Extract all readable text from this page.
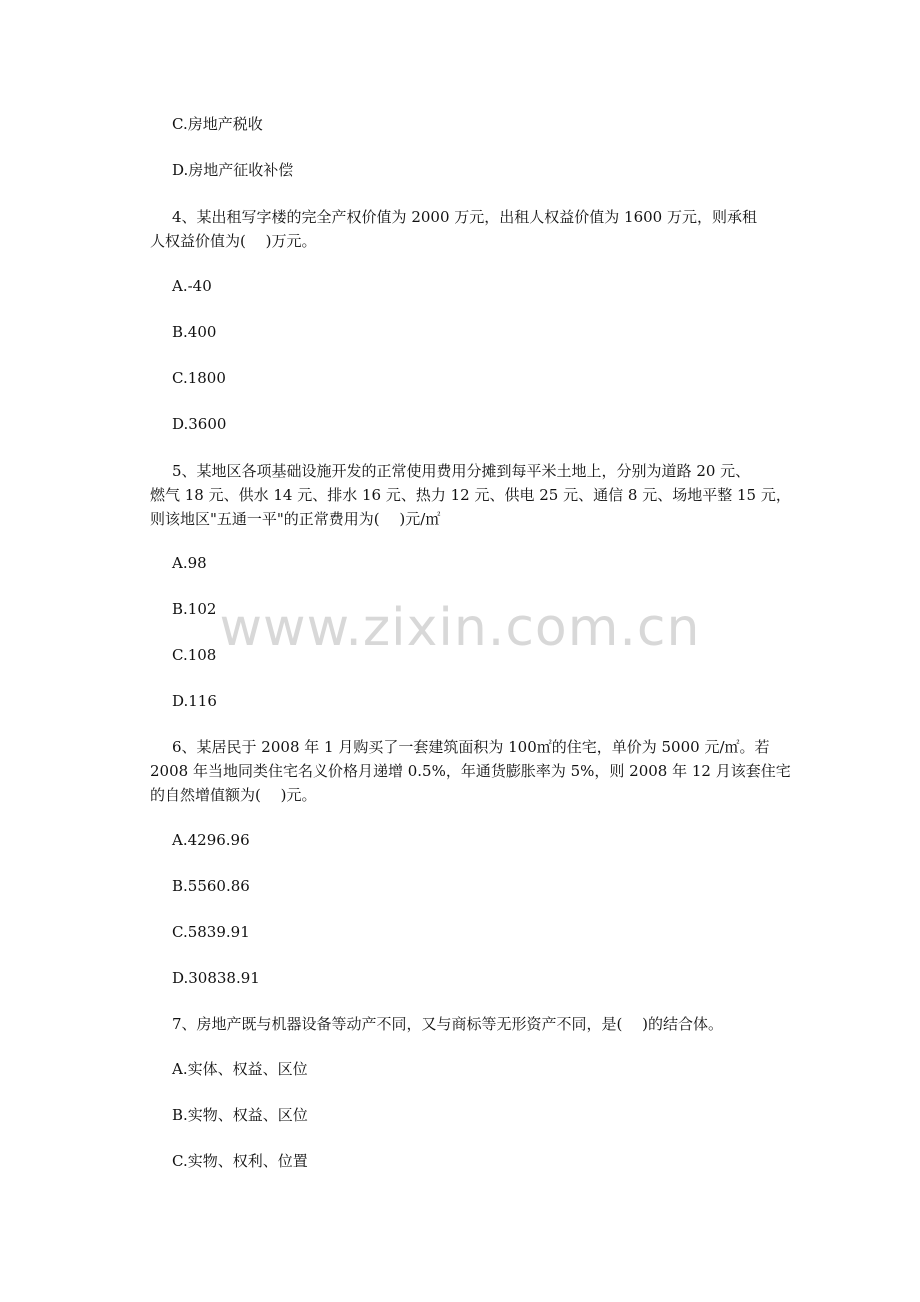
C.房地产税收
D.房地产征收补偿
4、某出租写字楼的完全产权价值为 2000 万元，出租人权益价值为 1600 万元，则承租
人权益价值为(　 )万元。
A.-40
B.400
C.1800
D.3600
5、某地区各项基础设施开发的正常使用费用分摊到每平米土地上，分别为道路 20 元、
燃气 18 元、供水 14 元、排水 16 元、热力 12 元、供电 25 元、通信 8 元、场地平整 15 元，
则该地区"五通一平"的正常费用为(　 )元/㎡
A.98
B.102
C.108
D.116
6、某居民于 2008 年 1 月购买了一套建筑面积为 100㎡的住宅，单价为 5000 元/㎡。若
2008 年当地同类住宅名义价格月递增 0.5%，年通货膨胀率为 5%，则 2008 年 12 月该套住宅
的自然增值额为(　 )元。
A.4296.96
B.5560.86
C.5839.91
D.30838.91
7、房地产既与机器设备等动产不同，又与商标等无形资产不同，是(　 )的结合体。
A.实体、权益、区位
B.实物、权益、区位
C.实物、权利、位置
www.zixin.com.cn
